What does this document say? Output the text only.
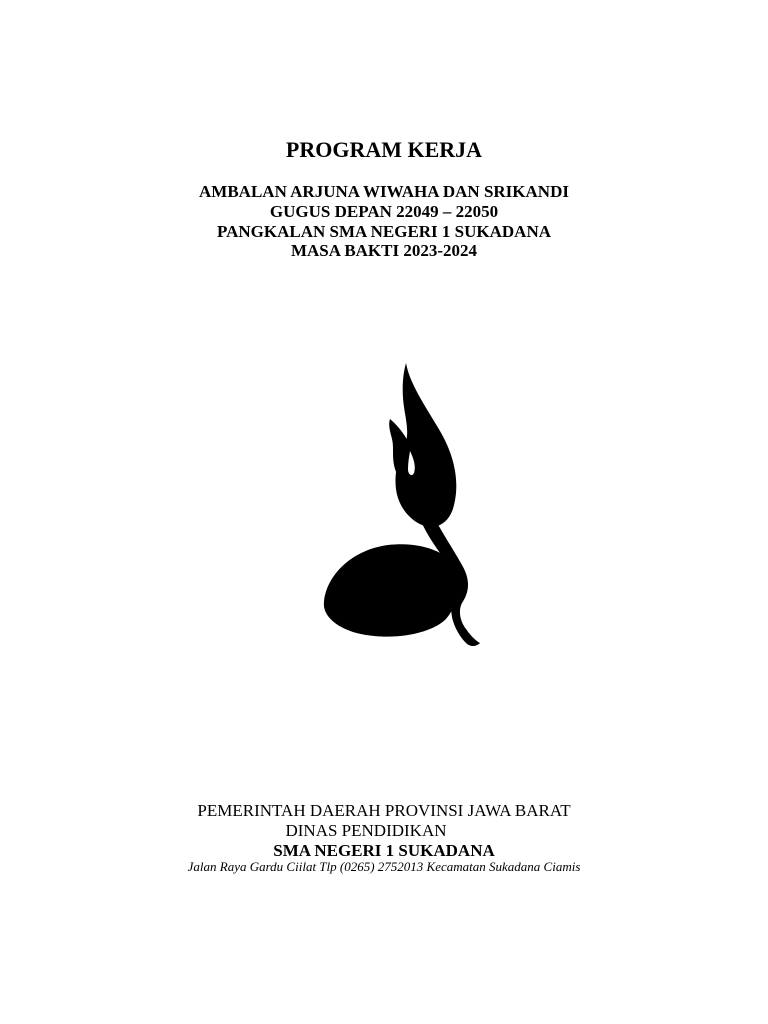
PROGRAM KERJA
AMBALAN ARJUNA WIWAHA DAN SRIKANDI
GUGUS DEPAN 22049 – 22050
PANGKALAN SMA NEGERI 1 SUKADANA
MASA BAKTI 2023-2024
PEMERINTAH DAERAH PROVINSI JAWA BARAT
DINAS PENDIDIKAN
SMA NEGERI 1 SUKADANA
Jalan Raya Gardu Ciilat Tlp (0265) 2752013 Kecamatan Sukadana Ciamis
